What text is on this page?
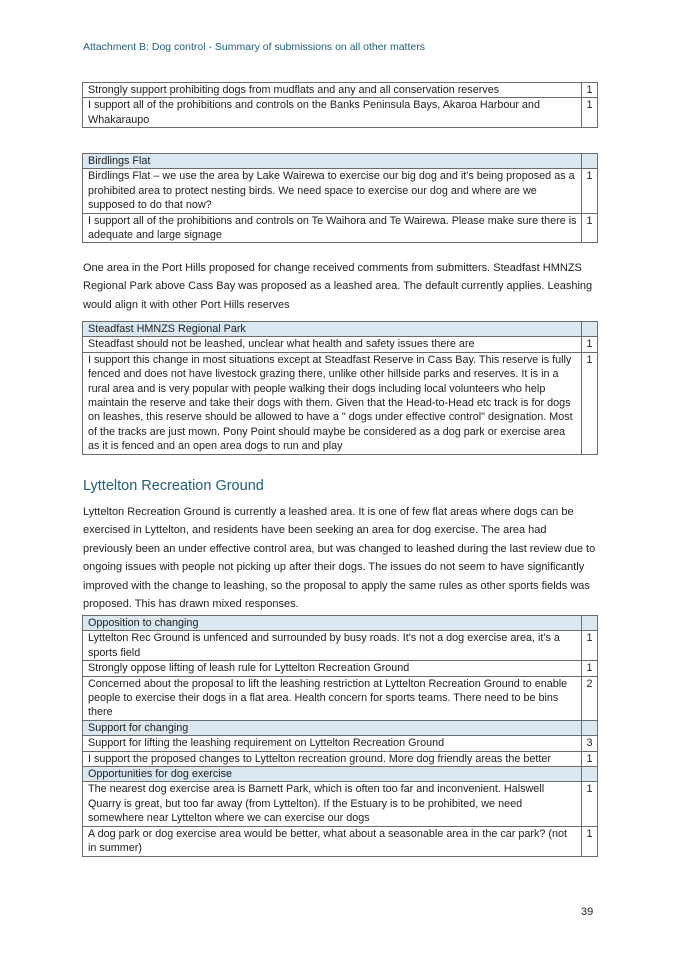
Attachment B: Dog control - Summary of submissions on all other matters
Strongly support prohibiting dogs from mudflats and any and all conservation reserves	1
I support all of the prohibitions and controls on the Banks Peninsula Bays, Akaroa Harbour and Whakaraupo	1
Birdlings Flat	
Birdlings Flat – we use the area by Lake Wairewa to exercise our big dog and it's being proposed as a prohibited area to protect nesting birds. We need space to exercise our dog and where are we supposed to do that now?	1
I support all of the prohibitions and controls on Te Waihora and Te Wairewa. Please make sure there is adequate and large signage	1

One area in the Port Hills proposed for change received comments from submitters. Steadfast HMNZS Regional Park above Cass Bay was proposed as a leashed area. The default currently applies. Leashing would align it with other Port Hills reserves

Steadfast HMNZS Regional Park	
Steadfast should not be leashed, unclear what health and safety issues there are	1
I support this change in most situations except at Steadfast Reserve in Cass Bay. This reserve is fully fenced and does not have livestock grazing there, unlike other hillside parks and reserves. It is in a rural area and is very popular with people walking their dogs including local volunteers who help maintain the reserve and take their dogs with them. Given that the Head-to-Head etc track is for dogs on leashes, this reserve should be allowed to have a " dogs under effective control" designation. Most of the tracks are just mown. Pony Point should maybe be considered as a dog park or exercise area as it is fenced and an open area dogs to run and play	1
Lyttelton Recreation Ground

Lyttelton Recreation Ground is currently a leashed area. It is one of few flat areas where dogs can be exercised in Lyttelton, and residents have been seeking an area for dog exercise. The area had previously been an under effective control area, but was changed to leashed during the last review due to ongoing issues with people not picking up after their dogs. The issues do not seem to have significantly improved with the change to leashing, so the proposal to apply the same rules as other sports fields was proposed. This has drawn mixed responses.

Opposition to changing	
Lyttelton Rec Ground is unfenced and surrounded by busy roads. It's not a dog exercise area, it's a sports field	1
Strongly oppose lifting of leash rule for Lyttelton Recreation Ground	1
Concerned about the proposal to lift the leashing restriction at Lyttelton Recreation Ground to enable people to exercise their dogs in a flat area. Health concern for sports teams. There need to be bins there	2
Support for changing	
Support for lifting the leashing requirement on Lyttelton Recreation Ground	3
I support the proposed changes to Lyttelton recreation ground. More dog friendly areas the better	1
Opportunities for dog exercise	
The nearest dog exercise area is Barnett Park, which is often too far and inconvenient. Halswell Quarry is great, but too far away (from Lyttelton). If the Estuary is to be prohibited, we need somewhere near Lyttelton where we can exercise our dogs	1
A dog park or dog exercise area would be better, what about a seasonable area in the car park? (not in summer)	1
39
